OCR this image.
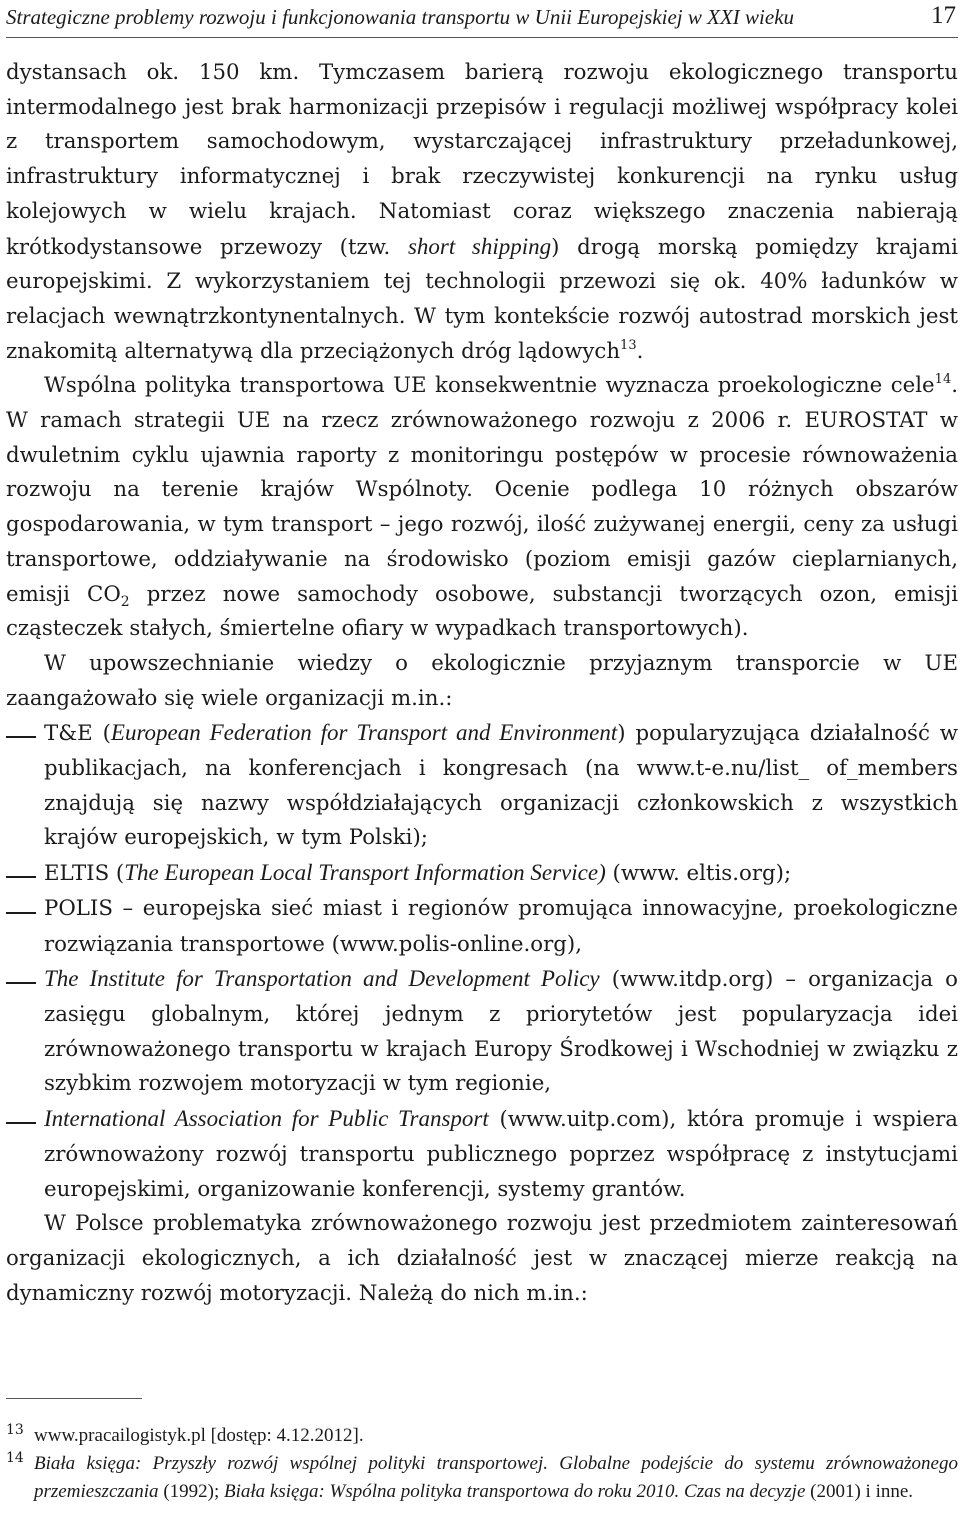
Strategiczne problemy rozwoju i funkcjonowania transportu w Unii Europejskiej w XXI wieku	17

dystansach ok. 150 km. Tymczasem barierą rozwoju ekologicznego transportu intermodalnego jest brak harmonizacji przepisów i regulacji możliwej współpracy kolei z transportem samochodowym, wystarczającej infrastruktury przeładunkowej, infrastruktury informatycznej i brak rzeczywistej konkurencji na rynku usług kolejowych w wielu krajach. Natomiast coraz większego znaczenia nabierają krótkodystansowe przewozy (tzw. short shipping) drogą morską pomiędzy krajami europejskimi. Z wykorzystaniem tej technologii przewozi się ok. 40% ładunków w relacjach wewnątrzkontynentalnych. W tym kontekście rozwój autostrad morskich jest znakomitą alternatywą dla przeciążonych dróg lądowych$^{13}$.

Wspólna polityka transportowa UE konsekwentnie wyznacza proekologiczne cele$^{14}$. W ramach strategii UE na rzecz zrównoważonego rozwoju z 2006 r. EUROSTAT w dwuletnim cyklu ujawnia raporty z monitoringu postępów w procesie równoważenia rozwoju na terenie krajów Wspólnoty. Ocenie podlega 10 różnych obszarów gospodarowania, w tym transport – jego rozwój, ilość zużywanej energii, ceny za usługi transportowe, oddziaływanie na środowisko (poziom emisji gazów cieplarnianych, emisji $CO_2$ przez nowe samochody osobowe, substancji tworzących ozon, emisji cząsteczek stałych, śmiertelne ofiary w wypadkach transportowych).

W upowszechnianie wiedzy o ekologicznie przyjaznym transporcie w UE zaangażowało się wiele organizacji m.in.:

T&E (European Federation for Transport and Environment) popularyzująca działalność w publikacjach, na konferencjach i kongresach (na www.t-e.nu/list_ of_members znajdują się nazwy współdziałających organizacji członkowskich z wszystkich krajów europejskich, w tym Polski);
ELTIS (The European Local Transport Information Service) (www. eltis.org);
POLIS – europejska sieć miast i regionów promująca innowacyjne, proekologiczne rozwiązania transportowe (www.polis-online.org),
The Institute for Transportation and Development Policy (www.itdp.org) – organizacja o zasięgu globalnym, której jednym z priorytetów jest popularyzacja idei zrównoważonego transportu w krajach Europy Środkowej i Wschodniej w związku z szybkim rozwojem motoryzacji w tym regionie,
International Association for Public Transport (www.uitp.com), która promuje i wspiera zrównoważony rozwój transportu publicznego poprzez współpracę z instytucjami europejskimi, organizowanie konferencji, systemy grantów.

W Polsce problematyka zrównoważonego rozwoju jest przedmiotem zainteresowań organizacji ekologicznych, a ich działalność jest w znaczącej mierze reakcją na dynamiczny rozwój motoryzacji. Należą do nich m.in.:

13 www.pracailogistyk.pl [dostęp: 4.12.2012].
14 Biała księga: Przyszły rozwój wspólnej polityki transportowej. Globalne podejście do systemu zrównoważonego przemieszczania (1992); Biała księga: Wspólna polityka transportowa do roku 2010. Czas na decyzje (2001) i inne.
